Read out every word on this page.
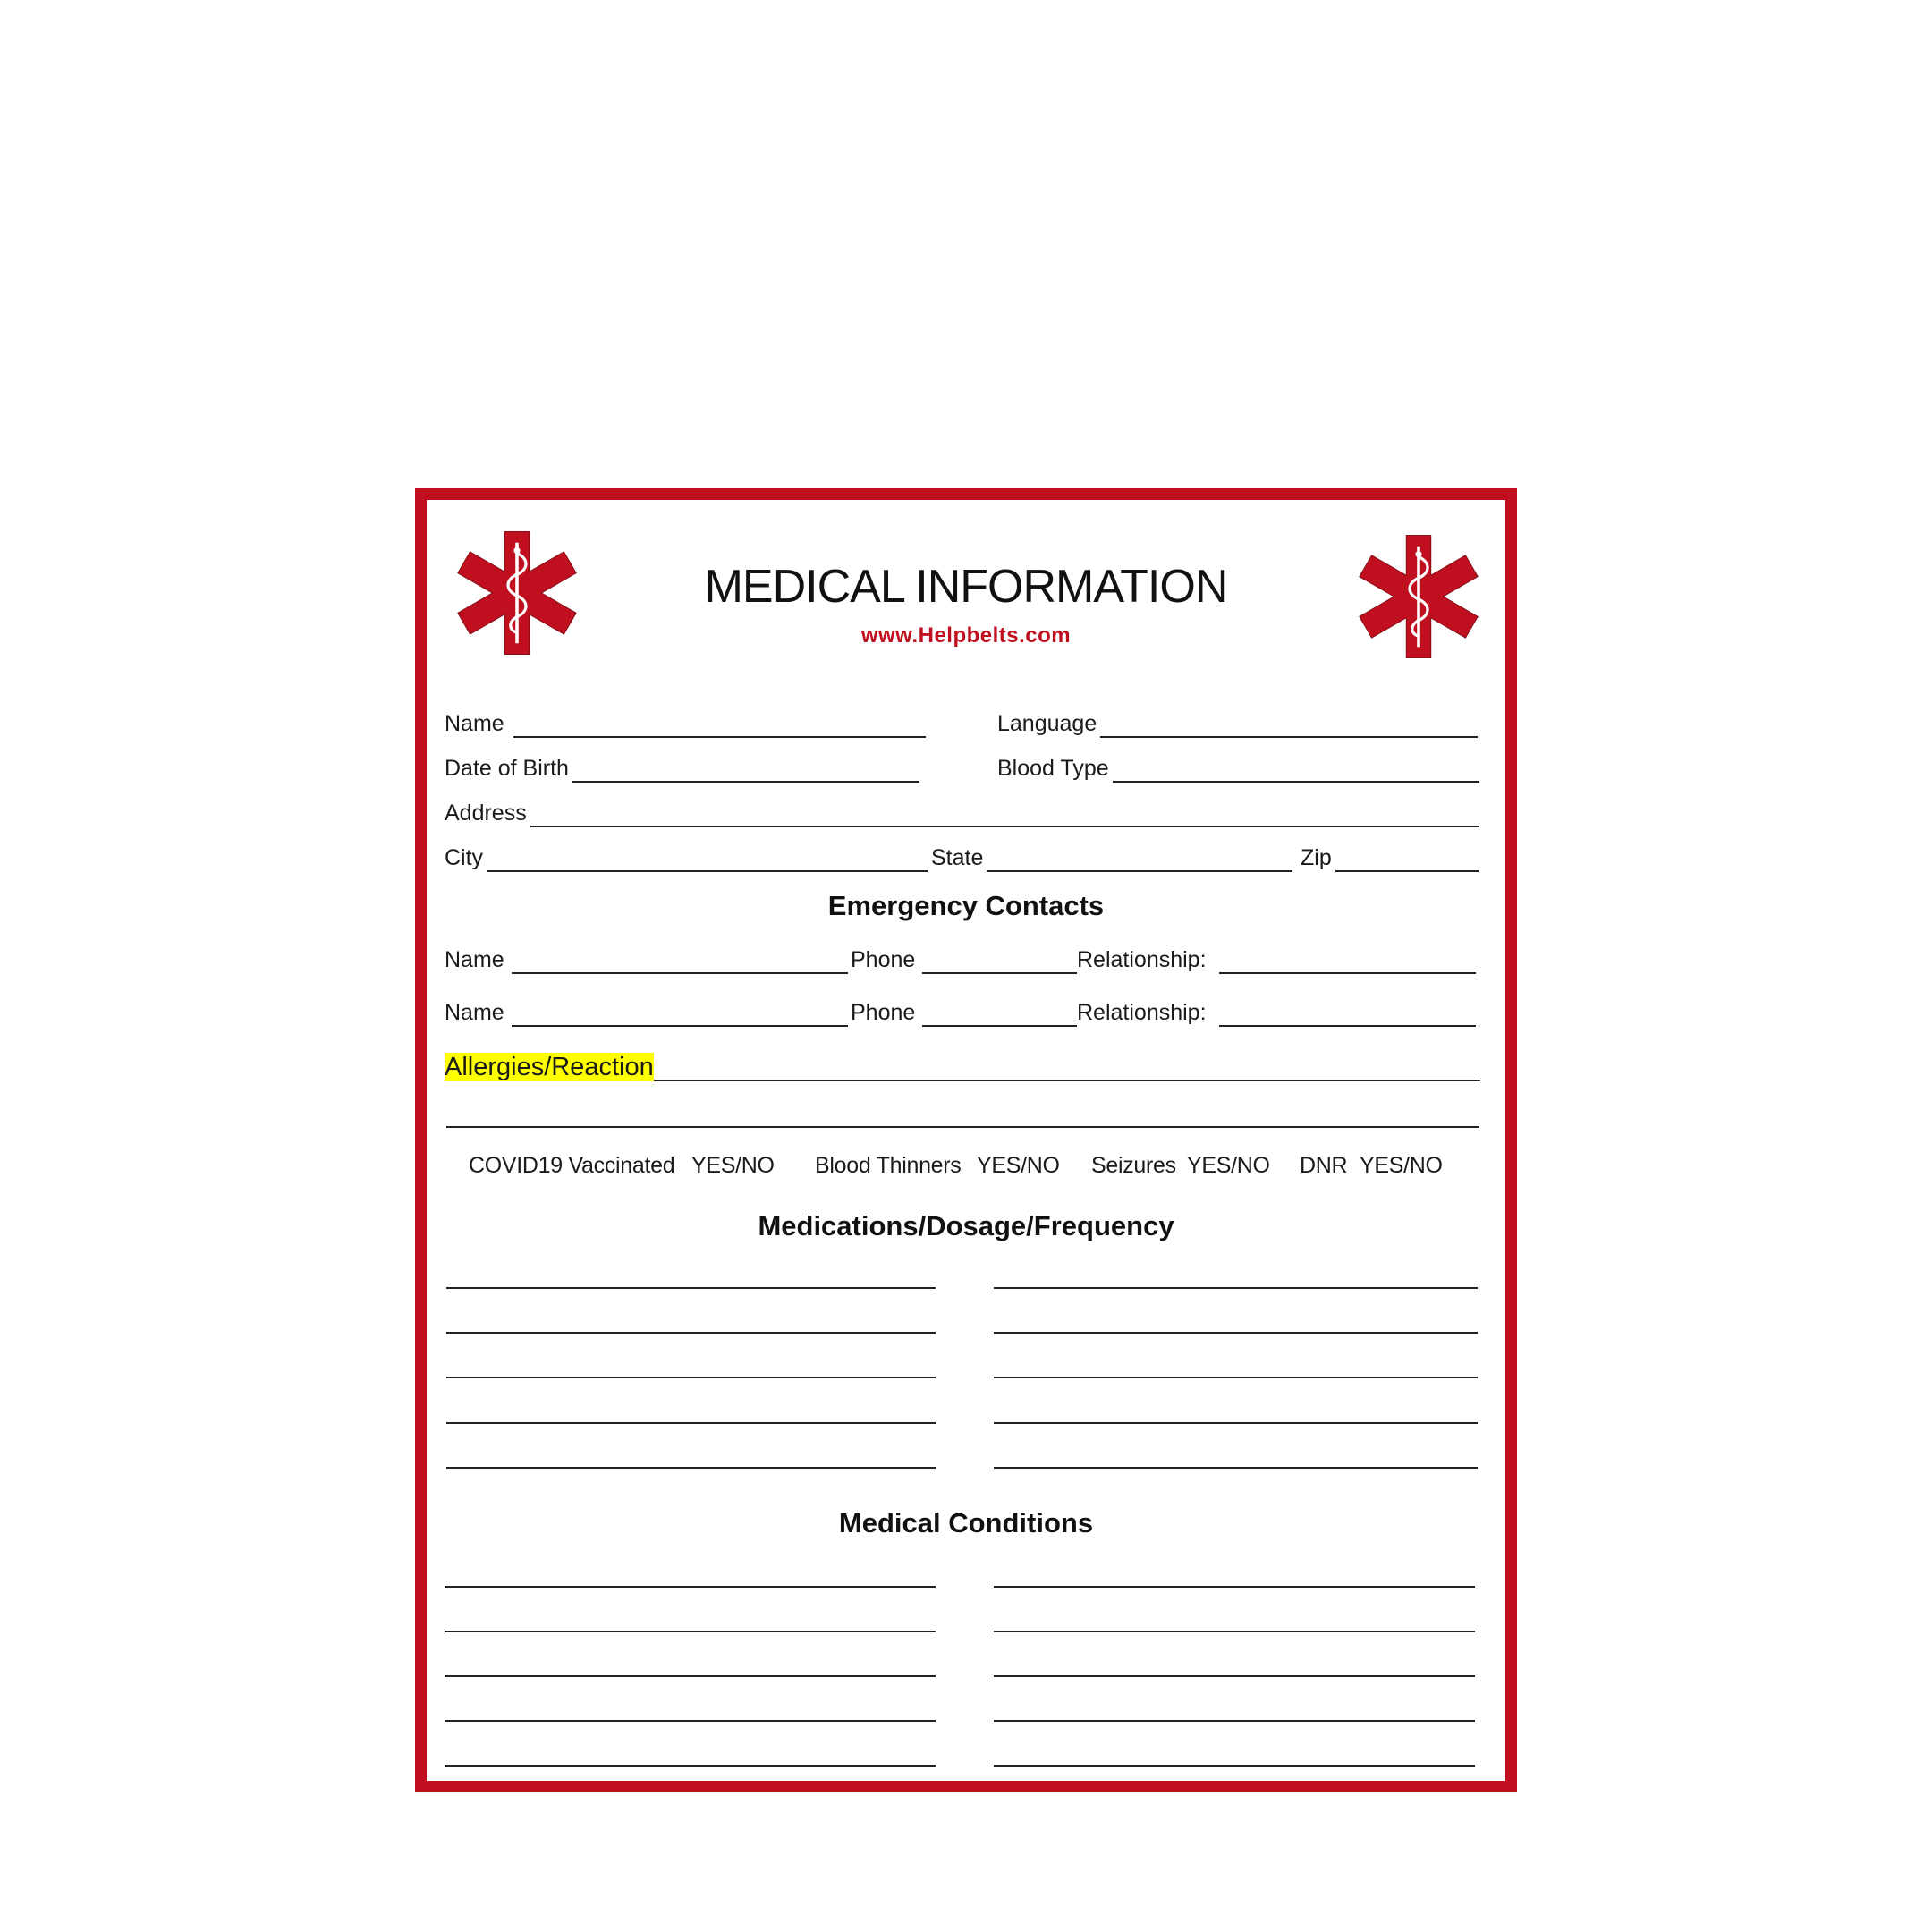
MEDICAL INFORMATION
www.Helpbelts.com
Name	Language
Date of Birth	Blood Type
Address
City	State	Zip
Emergency Contacts
Name	Phone	Relationship:
Name	Phone	Relationship:
Allergies/Reaction
COVID19 Vaccinated YES/NO Blood Thinners YES/NO Seizures YES/NO DNR YES/NO
Medications/Dosage/Frequency
Medical Conditions
